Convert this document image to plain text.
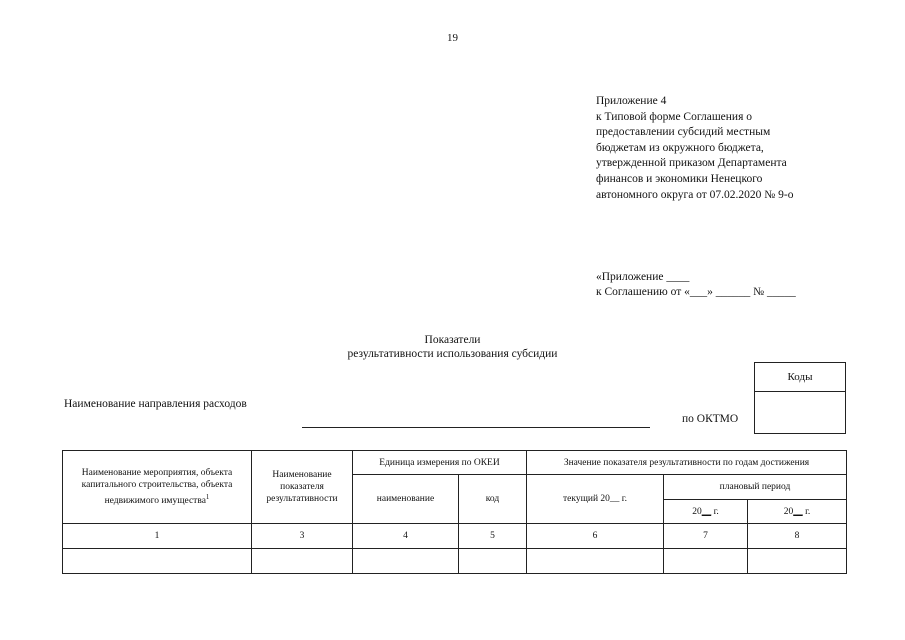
19
Приложение 4
к Типовой форме Соглашения о
предоставлении субсидий местным
бюджетам из окружного бюджета,
утвержденной приказом Департамента
финансов и экономики Ненецкого
автономного округа от 07.02.2020 № 9-о
«Приложение ____
к Соглашению от «___» ______ № _____
Показатели
результативности использования субсидии
Коды
Наименование направления расходов
по ОКТМО
Наименование мероприятия, объекта капитального строительства, объекта недвижимого имущества$^1$	Наименование показателя результативности	Единица измерения по ОКЕИ		Значение показателя результативности по годам достижения		
		наименование	код	текущий 20__ г.	плановый период	
					20__ г.	20__ г.
1	3	4	5	6	7	8
